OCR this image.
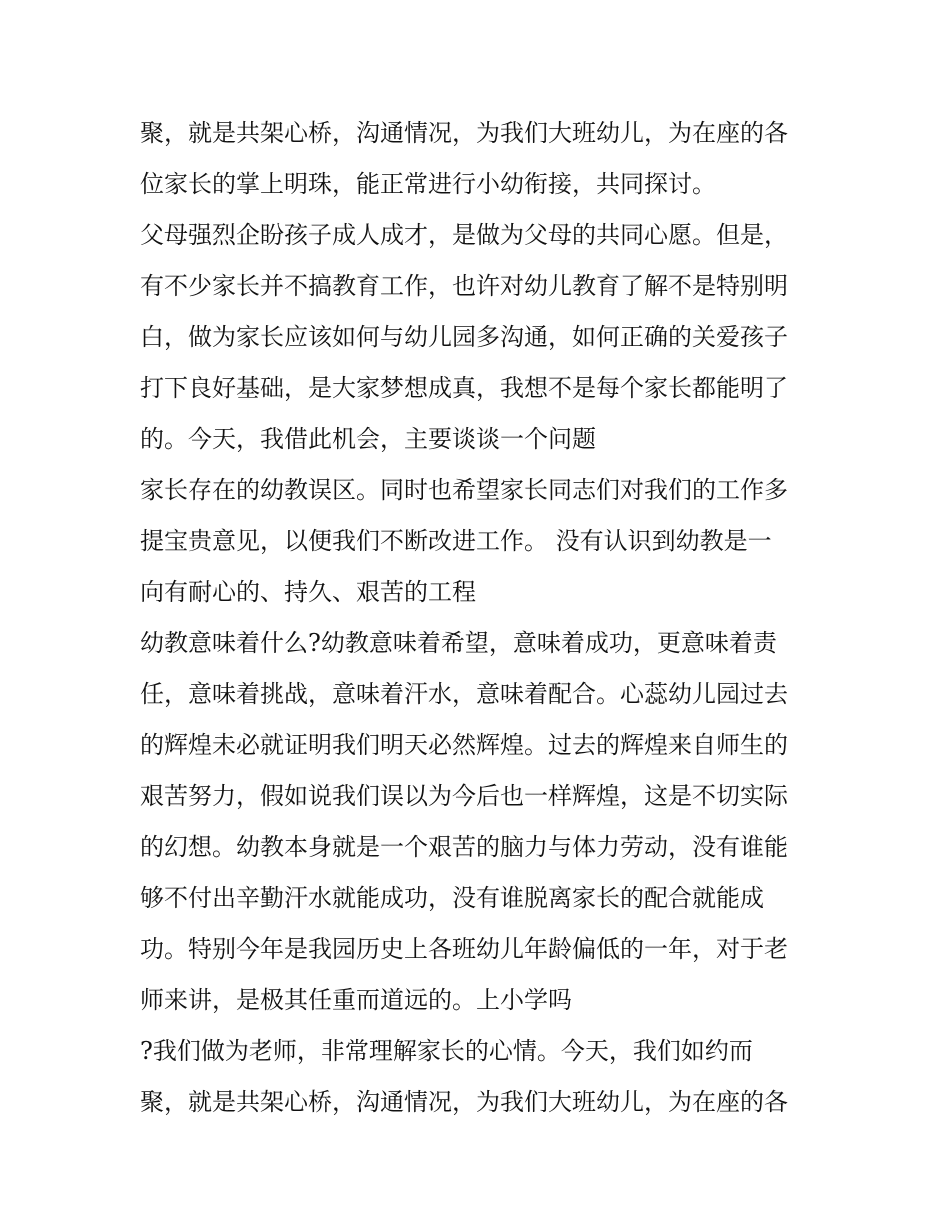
聚，就是共架心桥，沟通情况，为我们大班幼儿，为在座的各

位家长的掌上明珠，能正常进行小幼衔接，共同探讨。

父母强烈企盼孩子成人成才，是做为父母的共同心愿。但是，

有不少家长并不搞教育工作，也许对幼儿教育了解不是特别明

白，做为家长应该如何与幼儿园多沟通，如何正确的关爱孩子

打下良好基础，是大家梦想成真，我想不是每个家长都能明了

的。今天，我借此机会，主要谈谈一个问题

家长存在的幼教误区。同时也希望家长同志们对我们的工作多

提宝贵意见，以便我们不断改进工作。 没有认识到幼教是一

向有耐心的、持久、艰苦的工程

幼教意味着什么?幼教意味着希望，意味着成功，更意味着责

任，意味着挑战，意味着汗水，意味着配合。心蕊幼儿园过去

的辉煌未必就证明我们明天必然辉煌。过去的辉煌来自师生的

艰苦努力，假如说我们误以为今后也一样辉煌，这是不切实际

的幻想。幼教本身就是一个艰苦的脑力与体力劳动，没有谁能

够不付出辛勤汗水就能成功，没有谁脱离家长的配合就能成

功。特别今年是我园历史上各班幼儿年龄偏低的一年，对于老

师来讲，是极其任重而道远的。上小学吗

?我们做为老师，非常理解家长的心情。今天，我们如约而

聚，就是共架心桥，沟通情况，为我们大班幼儿，为在座的各
